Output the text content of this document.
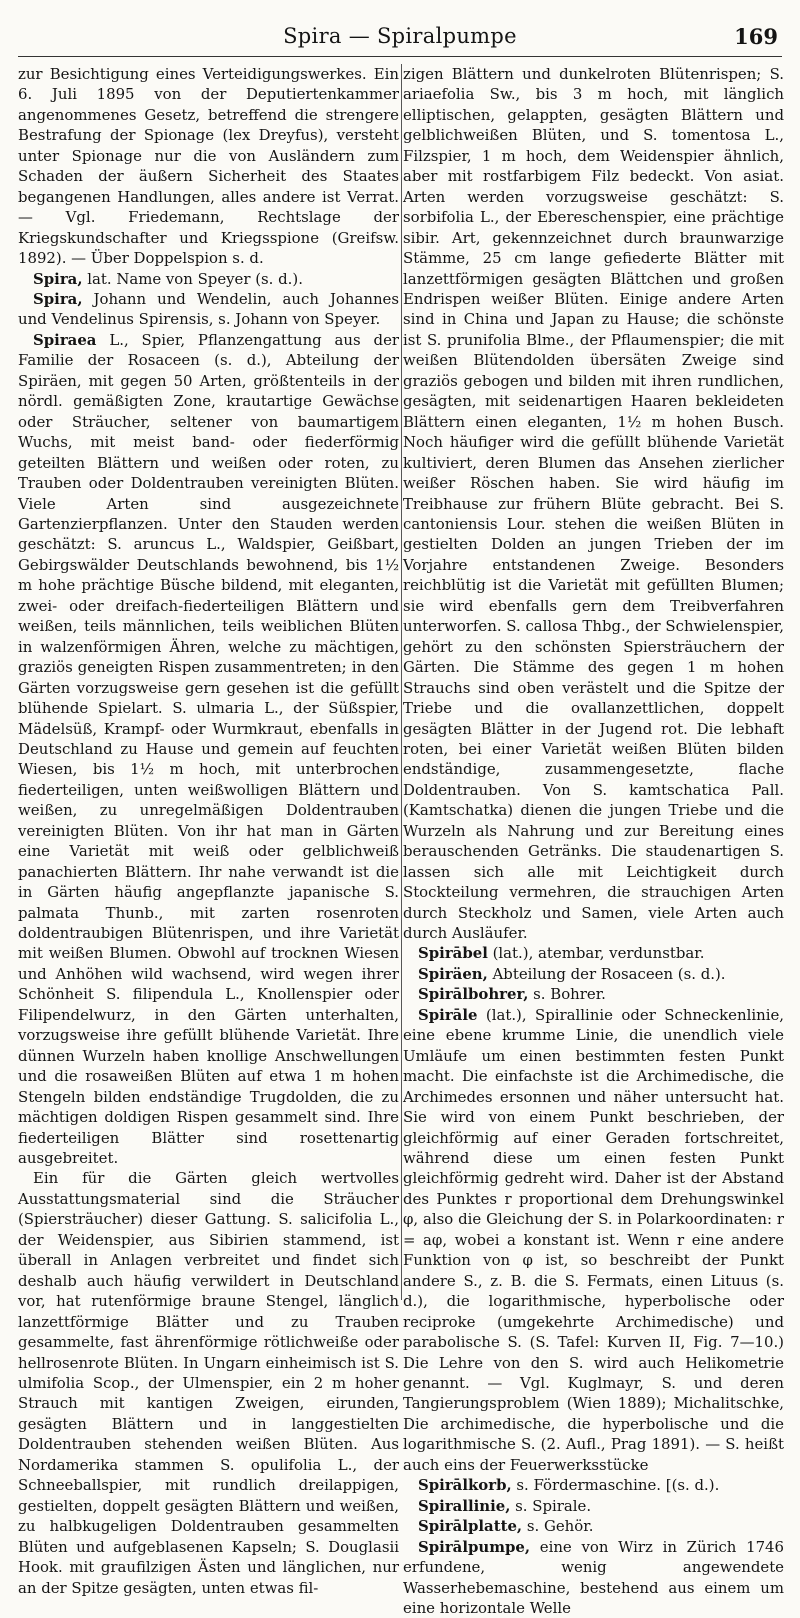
Spira — Spiralpumpe	169

zur Besichtigung eines Verteidigungswerkes. Ein 6. Juli 1895 von der Deputiertenkammer angenommenes Gesetz, betreffend die strengere Bestrafung der Spionage (lex Dreyfus), versteht unter Spionage nur die von Ausländern zum Schaden der äußern Sicherheit des Staates begangenen Handlungen, alles andere ist Verrat. — Vgl. Friedemann, Rechtslage der Kriegskundschafter und Kriegsspione (Greifsw. 1892). — Über Doppelspion s. d.

Spira, lat. Name von Speyer (s. d.).

Spira, Johann und Wendelin, auch Johannes und Vendelinus Spirensis, s. Johann von Speyer.

Spiraea L., Spier, Pflanzengattung aus der Familie der Rosaceen (s. d.), Abteilung der Spiräen, mit gegen 50 Arten, größtenteils in der nördl. gemäßigten Zone, krautartige Gewächse oder Sträucher, seltener von baumartigem Wuchs, mit meist band- oder fiederförmig geteilten Blättern und weißen oder roten, zu Trauben oder Doldentrauben vereinigten Blüten. Viele Arten sind ausgezeichnete Gartenzierpflanzen. Unter den Stauden werden geschätzt: S. aruncus L., Waldspier, Geißbart, Gebirgswälder Deutschlands bewohnend, bis 1½ m hohe prächtige Büsche bildend, mit eleganten, zwei- oder dreifach-fiederteiligen Blättern und weißen, teils männlichen, teils weiblichen Blüten in walzenförmigen Ähren, welche zu mächtigen, graziös geneigten Rispen zusammentreten; in den Gärten vorzugsweise gern gesehen ist die gefüllt blühende Spielart. S. ulmaria L., der Süßspier, Mädelsüß, Krampf- oder Wurmkraut, ebenfalls in Deutschland zu Hause und gemein auf feuchten Wiesen, bis 1½ m hoch, mit unterbrochen fiederteiligen, unten weißwolligen Blättern und weißen, zu unregelmäßigen Doldentrauben vereinigten Blüten. Von ihr hat man in Gärten eine Varietät mit weiß oder gelblichweiß panachierten Blättern. Ihr nahe verwandt ist die in Gärten häufig angepflanzte japanische S. palmata Thunb., mit zarten rosenroten doldentraubigen Blütenrispen, und ihre Varietät mit weißen Blumen. Obwohl auf trocknen Wiesen und Anhöhen wild wachsend, wird wegen ihrer Schönheit S. filipendula L., Knollenspier oder Filipendelwurz, in den Gärten unterhalten, vorzugsweise ihre gefüllt blühende Varietät. Ihre dünnen Wurzeln haben knollige Anschwellungen und die rosaweißen Blüten auf etwa 1 m hohen Stengeln bilden endständige Trugdolden, die zu mächtigen doldigen Rispen gesammelt sind. Ihre fiederteiligen Blätter sind rosettenartig ausgebreitet.

Ein für die Gärten gleich wertvolles Ausstattungsmaterial sind die Sträucher (Spiersträucher) dieser Gattung. S. salicifolia L., der Weidenspier, aus Sibirien stammend, ist überall in Anlagen verbreitet und findet sich deshalb auch häufig verwildert in Deutschland vor, hat rutenförmige braune Stengel, länglich lanzettförmige Blätter und zu Trauben gesammelte, fast ährenförmige rötlichweiße oder hellrosenrote Blüten. In Ungarn einheimisch ist S. ulmifolia Scop., der Ulmenspier, ein 2 m hoher Strauch mit kantigen Zweigen, eirunden, gesägten Blättern und in langgestielten Doldentrauben stehenden weißen Blüten. Aus Nordamerika stammen S. opulifolia L., der Schneeballspier, mit rundlich dreilappigen, gestielten, doppelt gesägten Blättern und weißen, zu halbkugeligen Doldentrauben gesammelten Blüten und aufgeblasenen Kapseln; S. Douglasii Hook. mit graufilzigen Ästen und länglichen, nur an der Spitze gesägten, unten etwas fil-

zigen Blättern und dunkelroten Blütenrispen; S. ariaefolia Sw., bis 3 m hoch, mit länglich elliptischen, gelappten, gesägten Blättern und gelblichweißen Blüten, und S. tomentosa L., Filzspier, 1 m hoch, dem Weidenspier ähnlich, aber mit rostfarbigem Filz bedeckt. Von asiat. Arten werden vorzugsweise geschätzt: S. sorbifolia L., der Ebereschenspier, eine prächtige sibir. Art, gekennzeichnet durch braunwarzige Stämme, 25 cm lange gefiederte Blätter mit lanzettförmigen gesägten Blättchen und großen Endrispen weißer Blüten. Einige andere Arten sind in China und Japan zu Hause; die schönste ist S. prunifolia Blme., der Pflaumenspier; die mit weißen Blütendolden übersäten Zweige sind graziös gebogen und bilden mit ihren rundlichen, gesägten, mit seidenartigen Haaren bekleideten Blättern einen eleganten, 1½ m hohen Busch. Noch häufiger wird die gefüllt blühende Varietät kultiviert, deren Blumen das Ansehen zierlicher weißer Röschen haben. Sie wird häufig im Treibhause zur frühern Blüte gebracht. Bei S. cantoniensis Lour. stehen die weißen Blüten in gestielten Dolden an jungen Trieben der im Vorjahre entstandenen Zweige. Besonders reichblütig ist die Varietät mit gefüllten Blumen; sie wird ebenfalls gern dem Treibverfahren unterworfen. S. callosa Thbg., der Schwielenspier, gehört zu den schönsten Spiersträuchern der Gärten. Die Stämme des gegen 1 m hohen Strauchs sind oben verästelt und die Spitze der Triebe und die ovallanzettlichen, doppelt gesägten Blätter in der Jugend rot. Die lebhaft roten, bei einer Varietät weißen Blüten bilden endständige, zusammengesetzte, flache Doldentrauben. Von S. kamtschatica Pall. (Kamtschatka) dienen die jungen Triebe und die Wurzeln als Nahrung und zur Bereitung eines berauschenden Getränks. Die staudenartigen S. lassen sich alle mit Leichtigkeit durch Stockteilung vermehren, die strauchigen Arten durch Steckholz und Samen, viele Arten auch durch Ausläufer.

Spirābel (lat.), atembar, verdunstbar.

Spiräen, Abteilung der Rosaceen (s. d.).

Spirālbohrer, s. Bohrer.

Spirāle (lat.), Spirallinie oder Schneckenlinie, eine ebene krumme Linie, die unendlich viele Umläufe um einen bestimmten festen Punkt macht. Die einfachste ist die Archimedische, die Archimedes ersonnen und näher untersucht hat. Sie wird von einem Punkt beschrieben, der gleichförmig auf einer Geraden fortschreitet, während diese um einen festen Punkt gleichförmig gedreht wird. Daher ist der Abstand des Punktes r proportional dem Drehungswinkel φ, also die Gleichung der S. in Polarkoordinaten: r = aφ, wobei a konstant ist. Wenn r eine andere Funktion von φ ist, so beschreibt der Punkt andere S., z. B. die S. Fermats, einen Lituus (s. d.), die logarithmische, hyperbolische oder reciproke (umgekehrte Archimedische) und parabolische S. (S. Tafel: Kurven II, Fig. 7—10.) Die Lehre von den S. wird auch Helikometrie genannt. — Vgl. Kuglmayr, S. und deren Tangierungsproblem (Wien 1889); Michalitschke, Die archimedische, die hyperbolische und die logarithmische S. (2. Aufl., Prag 1891). — S. heißt auch eins der Feuerwerksstücke

Spirālkorb, s. Fördermaschine. [(s. d.).

Spirallinie, s. Spirale.

Spirālplatte, s. Gehör.

Spirālpumpe, eine von Wirz in Zürich 1746 erfundene, wenig angewendete Wasserhebemaschine, bestehend aus einem um eine horizontale Welle
